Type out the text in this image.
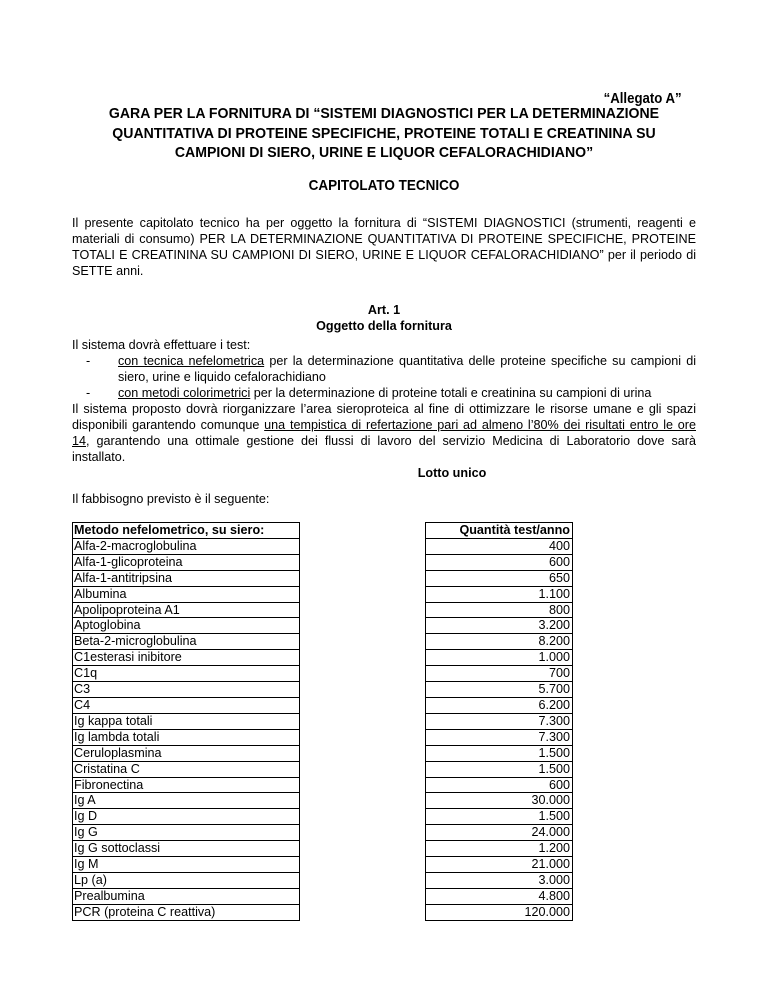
“Allegato A”
GARA PER LA FORNITURA DI “SISTEMI DIAGNOSTICI PER LA DETERMINAZIONE
QUANTITATIVA DI PROTEINE SPECIFICHE, PROTEINE TOTALI E CREATININA SU
CAMPIONI DI SIERO, URINE E LIQUOR CEFALORACHIDIANO”
CAPITOLATO TECNICO
Il presente capitolato tecnico ha per oggetto la fornitura di “SISTEMI DIAGNOSTICI (strumenti, reagenti e materiali di consumo) PER LA DETERMINAZIONE QUANTITATIVA DI PROTEINE SPECIFICHE, PROTEINE TOTALI E CREATININA SU CAMPIONI DI SIERO, URINE E LIQUOR CEFALORACHIDIANO” per il periodo di SETTE anni.
Art. 1
Oggetto della fornitura
Il sistema dovrà effettuare i test:
- con tecnica nefelometrica per la determinazione quantitativa delle proteine specifiche su campioni di siero, urine e liquido cefalorachidiano
- con metodi colorimetrici per la determinazione di proteine totali e creatinina su campioni di urina
Il sistema proposto dovrà riorganizzare l’area sieroproteica al fine di ottimizzare le risorse umane e gli spazi disponibili garantendo comunque una tempistica di refertazione pari ad almeno l’80% dei risultati entro le ore 14, garantendo una ottimale gestione dei flussi di lavoro del servizio Medicina di Laboratorio dove sarà installato.
Lotto unico
Il fabbisogno previsto è il seguente:
Metodo nefelometrico, su siero:		Quantità test/anno
Alfa-2-macroglobulina		400
Alfa-1-glicoproteina		600
Alfa-1-antitripsina		650
Albumina		1.100
Apolipoproteina A1		800
Aptoglobina		3.200
Beta-2-microglobulina		8.200
C1esterasi inibitore		1.000
C1q		700
C3		5.700
C4		6.200
Ig kappa totali		7.300
Ig lambda totali		7.300
Ceruloplasmina		1.500
Cristatina C		1.500
Fibronectina		600
Ig A		30.000
Ig D		1.500
Ig G		24.000
Ig G sottoclassi		1.200
Ig M		21.000
Lp (a)		3.000
Prealbumina		4.800
PCR (proteina C reattiva)		120.000
